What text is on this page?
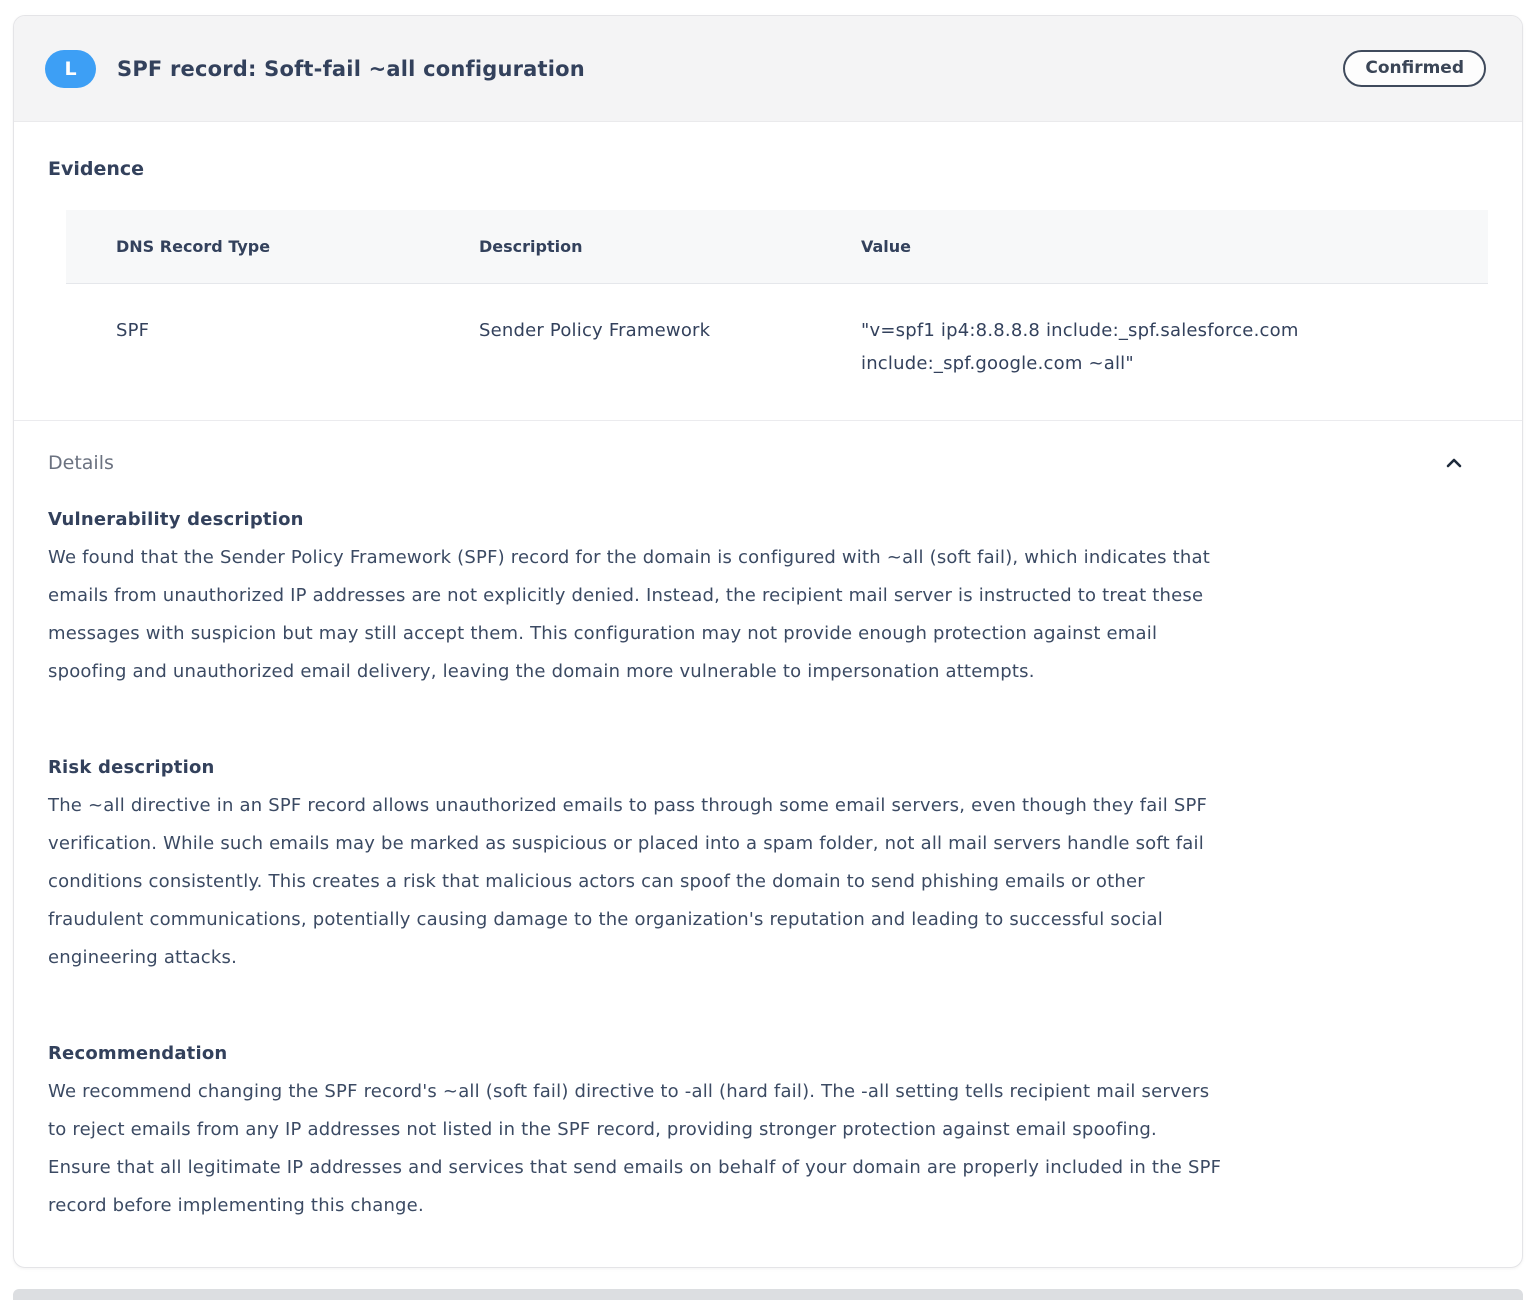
L	SPF record: Soft-fail ~all configuration	Confirmed
Evidence
DNS Record Type	Description	Value
SPF	Sender Policy Framework	"v=spf1 ip4:8.8.8.8 include:_spf.salesforce.com include:_spf.google.com ~all"
Details
Vulnerability description

We found that the Sender Policy Framework (SPF) record for the domain is configured with ~all (soft fail), which indicates that emails from unauthorized IP addresses are not explicitly denied. Instead, the recipient mail server is instructed to treat these messages with suspicion but may still accept them. This configuration may not provide enough protection against email spoofing and unauthorized email delivery, leaving the domain more vulnerable to impersonation attempts.

Risk description

The ~all directive in an SPF record allows unauthorized emails to pass through some email servers, even though they fail SPF verification. While such emails may be marked as suspicious or placed into a spam folder, not all mail servers handle soft fail conditions consistently. This creates a risk that malicious actors can spoof the domain to send phishing emails or other fraudulent communications, potentially causing damage to the organization's reputation and leading to successful social engineering attacks.

Recommendation

We recommend changing the SPF record's ~all (soft fail) directive to -all (hard fail). The -all setting tells recipient mail servers to reject emails from any IP addresses not listed in the SPF record, providing stronger protection against email spoofing. Ensure that all legitimate IP addresses and services that send emails on behalf of your domain are properly included in the SPF record before implementing this change.
